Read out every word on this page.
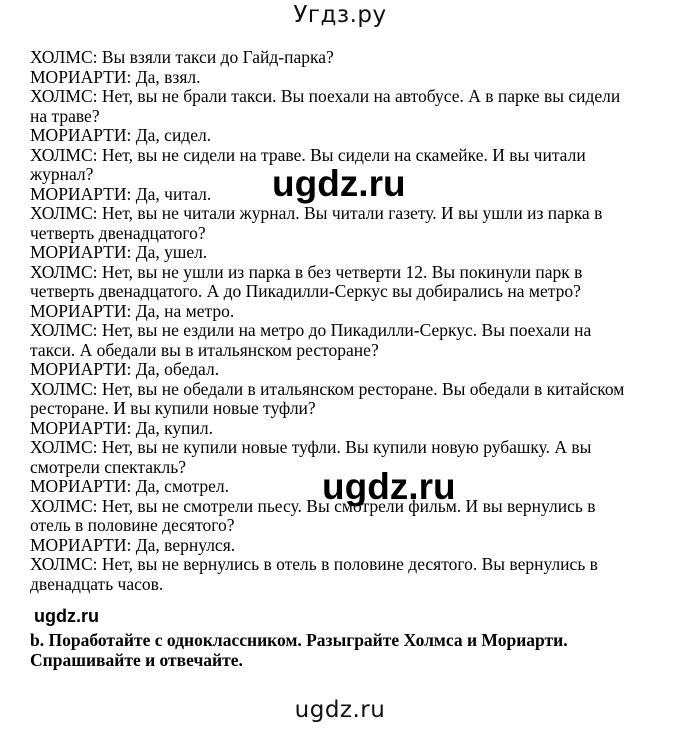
Угдз.ру

ХОЛМС: Вы взяли такси до Гайд-парка?

МОРИАРТИ: Да, взял.

ХОЛМС: Нет, вы не брали такси. Вы поехали на автобусе. А в парке вы сидели

на траве?

МОРИАРТИ: Да, сидел.

ХОЛМС: Нет, вы не сидели на траве. Вы сидели на скамейке. И вы читали

журнал?

МОРИАРТИ: Да, читал.

ХОЛМС: Нет, вы не читали журнал. Вы читали газету. И вы ушли из парка в

четверть двенадцатого?

МОРИАРТИ: Да, ушел.

ХОЛМС: Нет, вы не ушли из парка в без четверти 12. Вы покинули парк в

четверть двенадцатого. А до Пикадилли-Серкус вы добирались на метро?

МОРИАРТИ: Да, на метро.

ХОЛМС: Нет, вы не ездили на метро до Пикадилли-Серкус. Вы поехали на

такси. А обедали вы в итальянском ресторане?

МОРИАРТИ: Да, обедал.

ХОЛМС: Нет, вы не обедали в итальянском ресторане. Вы обедали в китайском

ресторане. И вы купили новые туфли?

МОРИАРТИ: Да, купил.

ХОЛМС: Нет, вы не купили новые туфли. Вы купили новую рубашку. А вы

смотрели спектакль?

МОРИАРТИ: Да, смотрел.

ХОЛМС: Нет, вы не смотрели пьесу. Вы смотрели фильм. И вы вернулись в

отель в половине десятого?

МОРИАРТИ: Да, вернулся.

ХОЛМС: Нет, вы не вернулись в отель в половине десятого. Вы вернулись в

двенадцать часов.

ugdz.ru
ugdz.ru
ugdz.ru
b. Поработайте с одноклассником. Разыграйте Холмса и Мориарти.
Спрашивайте и отвечайте.
ugdz.ru
